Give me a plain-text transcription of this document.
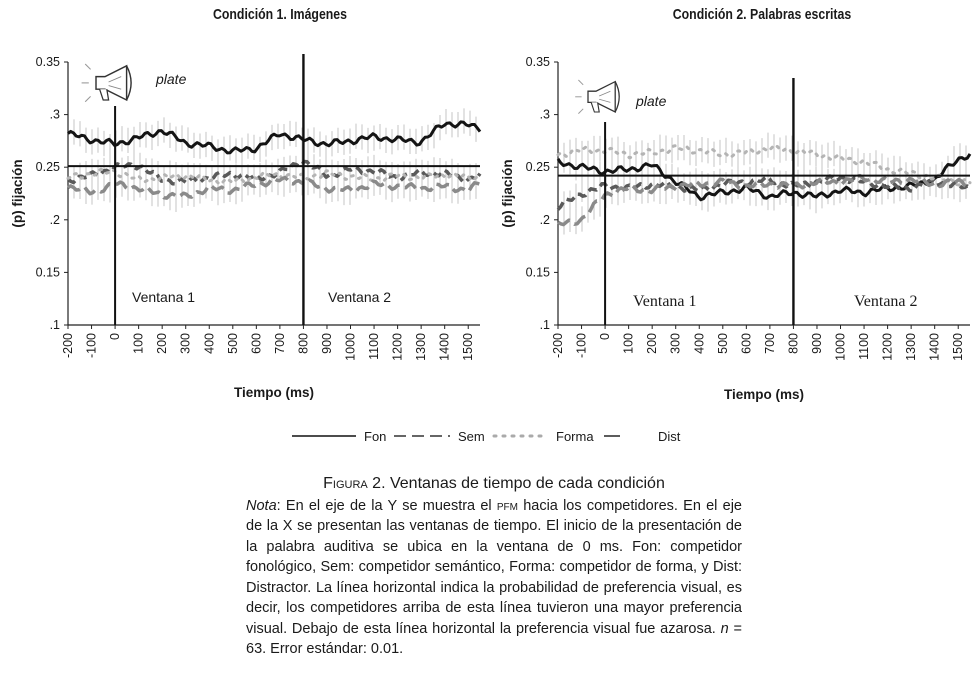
Condición 1. Imágenes	Condición 2. Palabras escritas
.1
0.15
.2
0.25
.3
0.35
-200 -100 0 100 200 300 400 500 600 700 800 900 1000 1100 1200 1300 1400 1500
(p) fijación
Tiempo (ms)
Ventana 1	Ventana 2
plate
.1
0.15
.2
0.25
.3
0.35
-200 -100 0 100 200 300 400 500 600 700 800 900 1000 1100 1200 1300 1400 1500
(p) fijación
Tiempo (ms)
Ventana 1	Ventana 2
plate
Fon	Sem	Forma	Dist
Figura 2. Ventanas de tiempo de cada condición
Nota: En el eje de la Y se muestra el pfm hacia los competidores. En el eje de la X se presentan las ventanas de tiempo. El inicio de la presentación de la palabra auditiva se ubica en la ventana de 0 ms. Fon: competidor fonológico, Sem: competidor semántico, Forma: competidor de forma, y Dist: Distractor. La línea horizontal indica la probabilidad de preferencia visual, es decir, los competidores arriba de esta línea tuvieron una mayor preferencia visual. Debajo de esta línea horizontal la preferencia visual fue azarosa. n = 63. Error estándar: 0.01.
